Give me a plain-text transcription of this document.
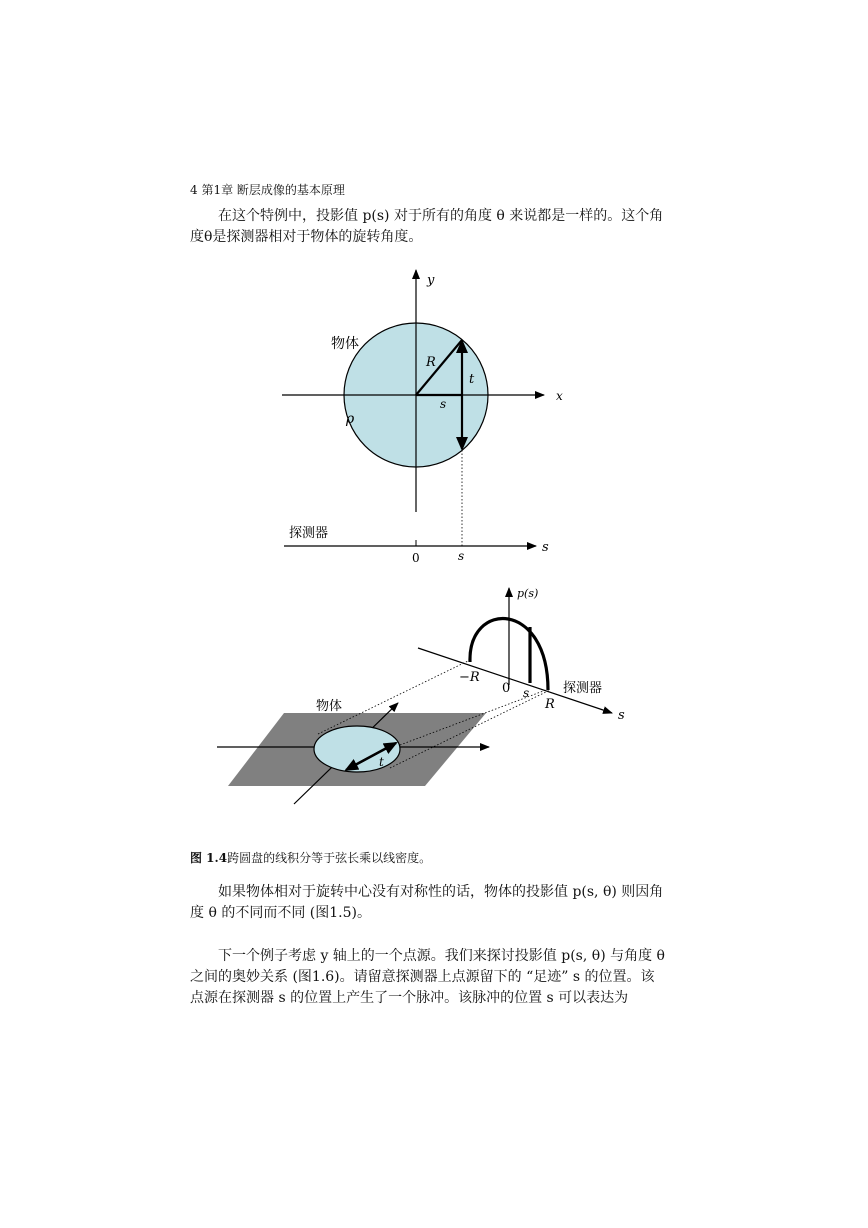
4 第1章 断层成像的基本原理

在这个特例中，投影值 p(s) 对于所有的角度 θ 来说都是一样的。这个角
度θ是探测器相对于物体的旋转角度。

y
x
物体
R
t
s
ρ
探测器
0	s
s
p(s)
−R
0 s
R
探测器
s
物体
t
图 1.4跨圆盘的线积分等于弦长乘以线密度。

如果物体相对于旋转中心没有对称性的话，物体的投影值 p(s, θ) 则因角
度 θ 的不同而不同 (图1.5)。

下一个例子考虑 y 轴上的一个点源。我们来探讨投影值 p(s, θ) 与角度 θ
之间的奥妙关系 (图1.6)。请留意探测器上点源留下的 “足迹” s 的位置。该
点源在探测器 s 的位置上产生了一个脉冲。该脉冲的位置 s 可以表达为
